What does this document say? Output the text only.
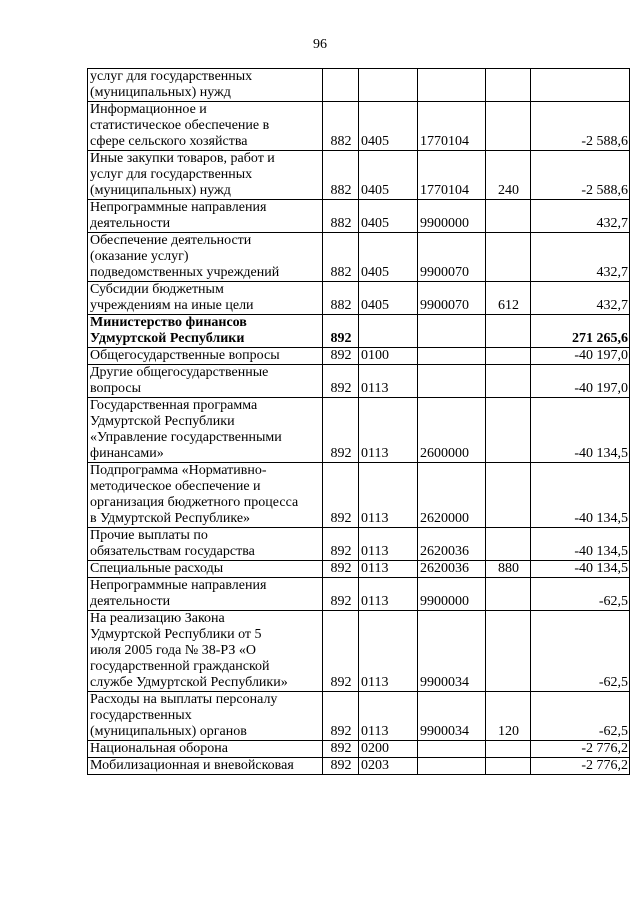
96
услуг для государственных
(муниципальных) нужд					

Информационное и
статистическое обеспечение в
сфере сельского хозяйства	882	0405	1770104		-2 588,6

Иные закупки товаров, работ и
услуг для государственных
(муниципальных) нужд	882	0405	1770104	240	-2 588,6

Непрограммные направления
деятельности	882	0405	9900000		432,7

Обеспечение деятельности
(оказание услуг)
подведомственных учреждений	882	0405	9900070		432,7

Субсидии бюджетным
учреждениям на иные цели	882	0405	9900070	612	432,7

Министерство финансов
Удмуртской Республики	892				271 265,6

Общегосударственные вопросы	892	0100			-40 197,0

Другие общегосударственные
вопросы	892	0113			-40 197,0

Государственная программа
Удмуртской Республики
«Управление государственными
финансами»	892	0113	2600000		-40 134,5

Подпрограмма «Нормативно-
методическое обеспечение и
организация бюджетного процесса
в Удмуртской Республике»	892	0113	2620000		-40 134,5

Прочие выплаты по
обязательствам государства	892	0113	2620036		-40 134,5

Специальные расходы	892	0113	2620036	880	-40 134,5

Непрограммные направления
деятельности	892	0113	9900000		-62,5

На реализацию Закона
Удмуртской Республики от 5
июля 2005 года № 38-РЗ «О
государственной гражданской
службе Удмуртской Республики»	892	0113	9900034		-62,5

Расходы на выплаты персоналу
государственных
(муниципальных) органов	892	0113	9900034	120	-62,5

Национальная оборона	892	0200			-2 776,2

Мобилизационная и вневойсковая	892	0203			-2 776,2
